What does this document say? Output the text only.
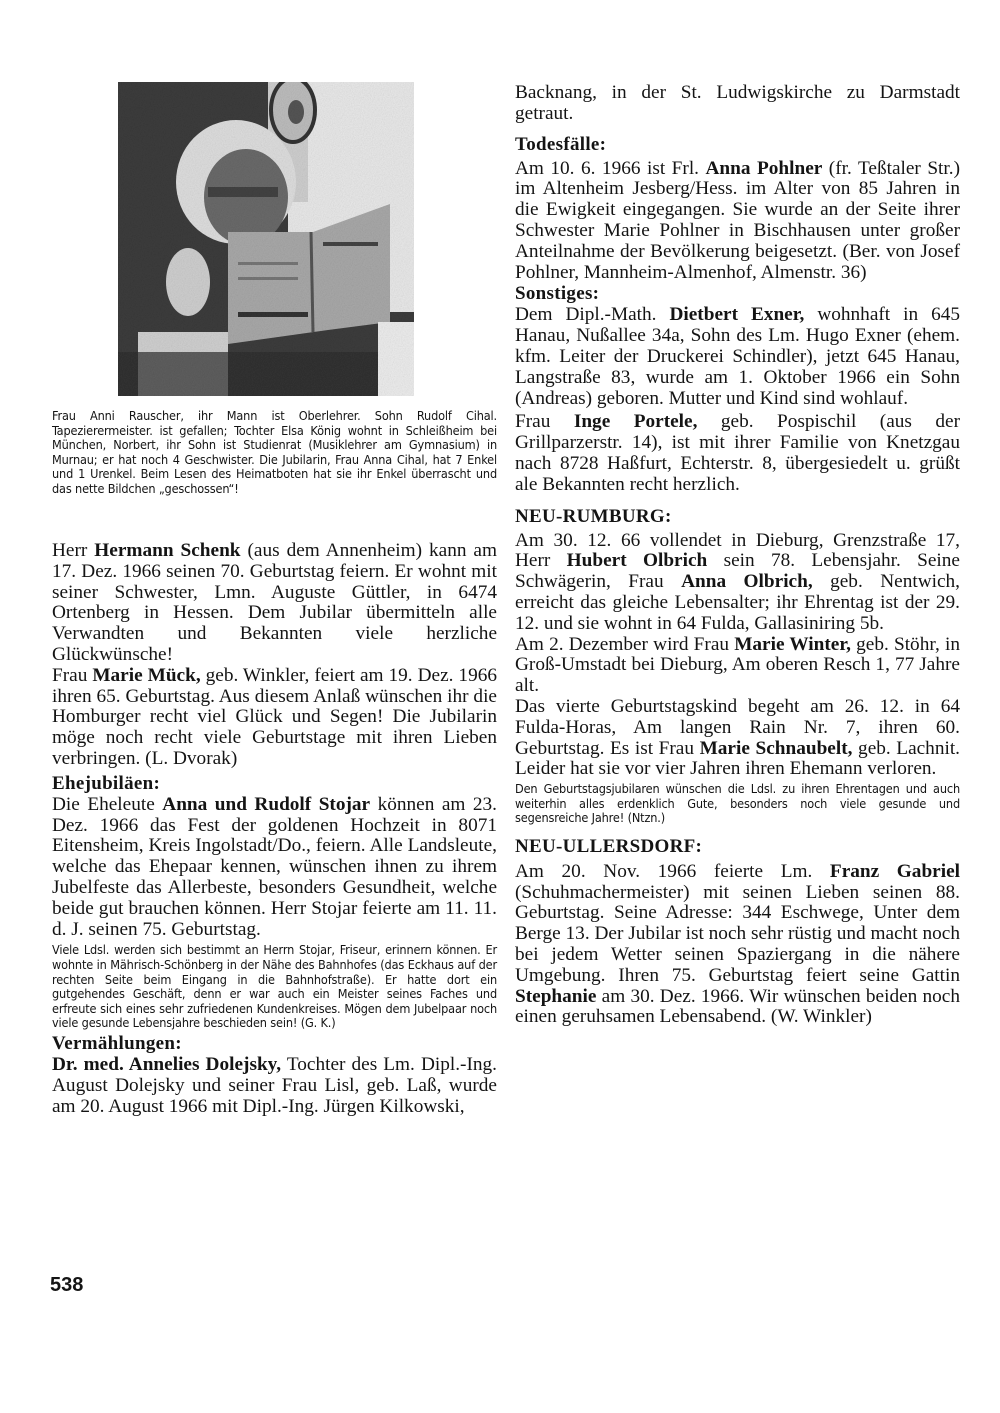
Frau Anni Rauscher, ihr Mann ist Oberlehrer. Sohn Rudolf Cihal. Tapezierermeister. ist gefallen; Tochter Elsa König wohnt in Schleißheim bei München, Norbert, ihr Sohn ist Studienrat (Musiklehrer am Gymnasium) in Murnau; er hat noch 4 Geschwister. Die Jubilarin, Frau Anna Cihal, hat 7 Enkel und 1 Urenkel. Beim Lesen des Heimatboten hat sie ihr Enkel überrascht und das nette Bildchen „geschossen“!

Herr Hermann Schenk (aus dem Annenheim) kann am 17. Dez. 1966 seinen 70. Geburtstag feiern. Er wohnt mit seiner Schwester, Lmn. Auguste Güttler, in 6474 Ortenberg in Hessen. Dem Jubilar übermitteln alle Verwandten und Bekannten viele herzliche Glückwünsche!

Frau Marie Mück, geb. Winkler, feiert am 19. Dez. 1966 ihren 65. Geburtstag. Aus diesem Anlaß wünschen ihr die Homburger recht viel Glück und Segen! Die Jubilarin möge noch recht viele Geburtstage mit ihren Lieben verbringen. (L. Dvorak)

Ehejubiläen:

Die Eheleute Anna und Rudolf Stojar können am 23. Dez. 1966 das Fest der goldenen Hochzeit in 8071 Eitensheim, Kreis Ingolstadt/Do., feiern. Alle Landsleute, welche das Ehepaar kennen, wünschen ihnen zu ihrem Jubelfeste das Allerbeste, besonders Gesundheit, welche beide gut brauchen können. Herr Stojar feierte am 11. 11. d. J. seinen 75. Geburtstag.

Viele Ldsl. werden sich bestimmt an Herrn Stojar, Friseur, erinnern können. Er wohnte in Mährisch-Schönberg in der Nähe des Bahnhofes (das Eckhaus auf der rechten Seite beim Eingang in die Bahnhofstraße). Er hatte dort ein gutgehendes Geschäft, denn er war auch ein Meister seines Faches und erfreute sich eines sehr zufriedenen Kundenkreises. Mögen dem Jubelpaar noch viele gesunde Lebensjahre beschieden sein! (G. K.)

Vermählungen:

Dr. med. Annelies Dolejsky, Tochter des Lm. Dipl.-Ing. August Dolejsky und seiner Frau Lisl, geb. Laß, wurde am 20. August 1966 mit Dipl.-Ing. Jürgen Kilkowski,

538

Backnang, in der St. Ludwigskirche zu Darmstadt getraut.

Todesfälle:

Am 10. 6. 1966 ist Frl. Anna Pohlner (fr. Teßtaler Str.) im Altenheim Jesberg/Hess. im Alter von 85 Jahren in die Ewigkeit eingegangen. Sie wurde an der Seite ihrer Schwester Marie Pohlner in Bischhausen unter großer Anteilnahme der Bevölkerung beigesetzt. (Ber. von Josef Pohlner, Mannheim-Almenhof, Almenstr. 36)

Sonstiges:

Dem Dipl.-Math. Dietbert Exner, wohnhaft in 645 Hanau, Nußallee 34a, Sohn des Lm. Hugo Exner (ehem. kfm. Leiter der Druckerei Schindler), jetzt 645 Hanau, Langstraße 83, wurde am 1. Oktober 1966 ein Sohn (Andreas) geboren. Mutter und Kind sind wohlauf.

Frau Inge Portele, geb. Pospischil (aus der Grillparzerstr. 14), ist mit ihrer Familie von Knetzgau nach 8728 Haßfurt, Echterstr. 8, übergesiedelt u. grüßt ale Bekannten recht herzlich.

NEU-RUMBURG:

Am 30. 12. 66 vollendet in Dieburg, Grenzstraße 17, Herr Hubert Olbrich sein 78. Lebensjahr. Seine Schwägerin, Frau Anna Olbrich, geb. Nentwich, erreicht das gleiche Lebensalter; ihr Ehrentag ist der 29. 12. und sie wohnt in 64 Fulda, Gallasiniring 5b.

Am 2. Dezember wird Frau Marie Winter, geb. Stöhr, in Groß-Umstadt bei Dieburg, Am oberen Resch 1, 77 Jahre alt.

Das vierte Geburtstagskind begeht am 26. 12. in 64 Fulda-Horas, Am langen Rain Nr. 7, ihren 60. Geburtstag. Es ist Frau Marie Schnaubelt, geb. Lachnit. Leider hat sie vor vier Jahren ihren Ehemann verloren.

Den Geburtstagsjubilaren wünschen die Ldsl. zu ihren Ehrentagen und auch weiterhin alles erdenklich Gute, besonders noch viele gesunde und segensreiche Jahre! (Ntzn.)

NEU-ULLERSDORF:

Am 20. Nov. 1966 feierte Lm. Franz Gabriel (Schuhmachermeister) mit seinen Lieben seinen 88. Geburtstag. Seine Adresse: 344 Eschwege, Unter dem Berge 13. Der Jubilar ist noch sehr rüstig und macht noch bei jedem Wetter seinen Spaziergang in die nähere Umgebung. Ihren 75. Geburtstag feiert seine Gattin Stephanie am 30. Dez. 1966. Wir wünschen beiden noch einen geruhsamen Lebensabend. (W. Winkler)
